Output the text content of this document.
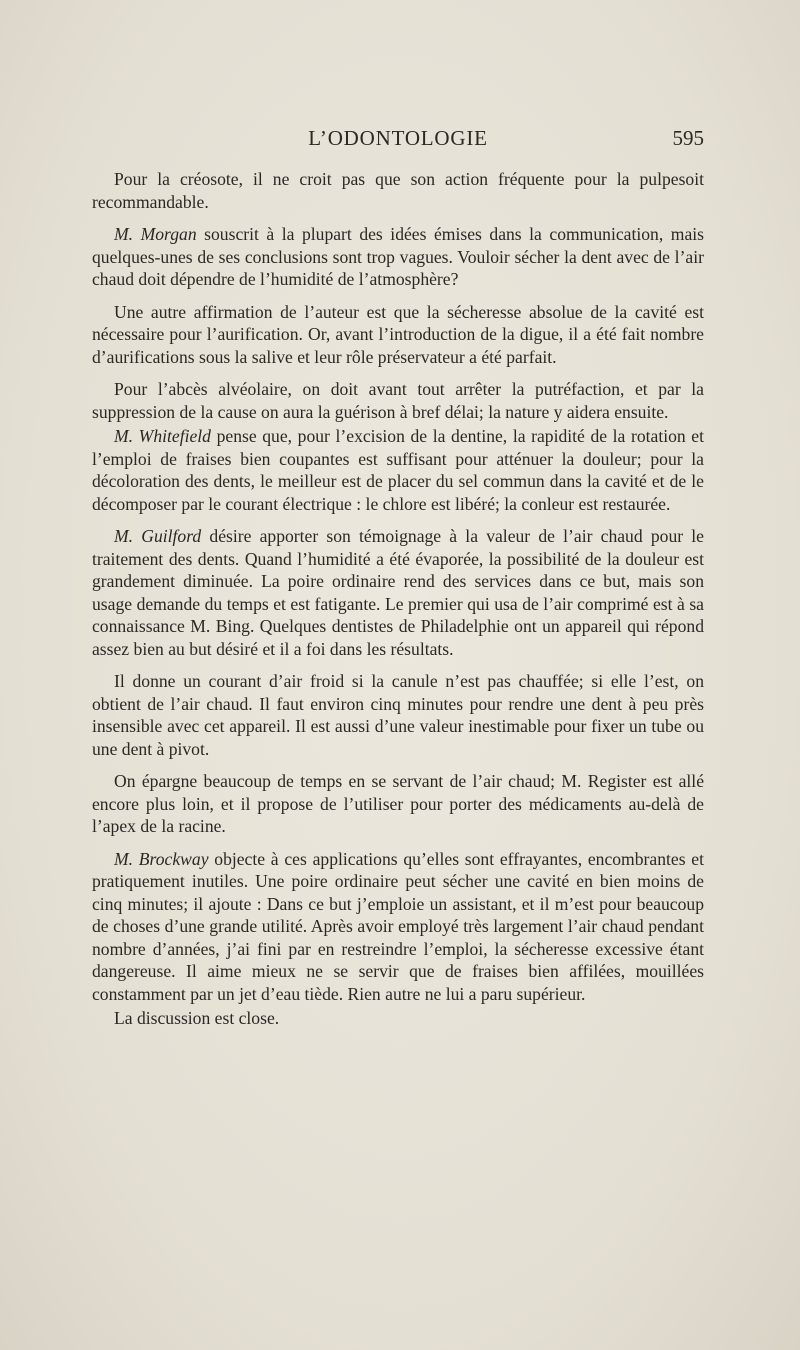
L’ODONTOLOGIE	595

Pour la créosote, il ne croit pas que son action fréquente pour la pulpesoit recommandable.

M. Morgan souscrit à la plupart des idées émises dans la communication, mais quelques-unes de ses conclusions sont trop vagues. Vouloir sécher la dent avec de l’air chaud doit dépendre de l’humidité de l’atmosphère?

Une autre affirmation de l’auteur est que la sécheresse absolue de la cavité est nécessaire pour l’aurification. Or, avant l’introduction de la digue, il a été fait nombre d’aurifications sous la salive et leur rôle préservateur a été parfait.

Pour l’abcès alvéolaire, on doit avant tout arrêter la putréfaction, et par la suppression de la cause on aura la guérison à bref délai; la nature y aidera ensuite.

M. Whitefield pense que, pour l’excision de la dentine, la rapidité de la rotation et l’emploi de fraises bien coupantes est suffisant pour atténuer la douleur; pour la décoloration des dents, le meilleur est de placer du sel commun dans la cavité et de le décomposer par le courant électrique : le chlore est libéré; la conleur est restaurée.

M. Guilford désire apporter son témoignage à la valeur de l’air chaud pour le traitement des dents. Quand l’humidité a été évaporée, la possibilité de la douleur est grandement diminuée. La poire ordinaire rend des services dans ce but, mais son usage demande du temps et est fatigante. Le premier qui usa de l’air comprimé est à sa connaissance M. Bing. Quelques dentistes de Philadelphie ont un appareil qui répond assez bien au but désiré et il a foi dans les résultats.

Il donne un courant d’air froid si la canule n’est pas chauffée; si elle l’est, on obtient de l’air chaud. Il faut environ cinq minutes pour rendre une dent à peu près insensible avec cet appareil. Il est aussi d’une valeur inestimable pour fixer un tube ou une dent à pivot.

On épargne beaucoup de temps en se servant de l’air chaud; M. Register est allé encore plus loin, et il propose de l’utiliser pour porter des médicaments au-delà de l’apex de la racine.

M. Brockway objecte à ces applications qu’elles sont effrayantes, encombrantes et pratiquement inutiles. Une poire ordinaire peut sécher une cavité en bien moins de cinq minutes; il ajoute : Dans ce but j’emploie un assistant, et il m’est pour beaucoup de choses d’une grande utilité. Après avoir employé très largement l’air chaud pendant nombre d’années, j’ai fini par en restreindre l’emploi, la sécheresse excessive étant dangereuse. Il aime mieux ne se servir que de fraises bien affilées, mouillées constamment par un jet d’eau tiède. Rien autre ne lui a paru supérieur.

La discussion est close.
